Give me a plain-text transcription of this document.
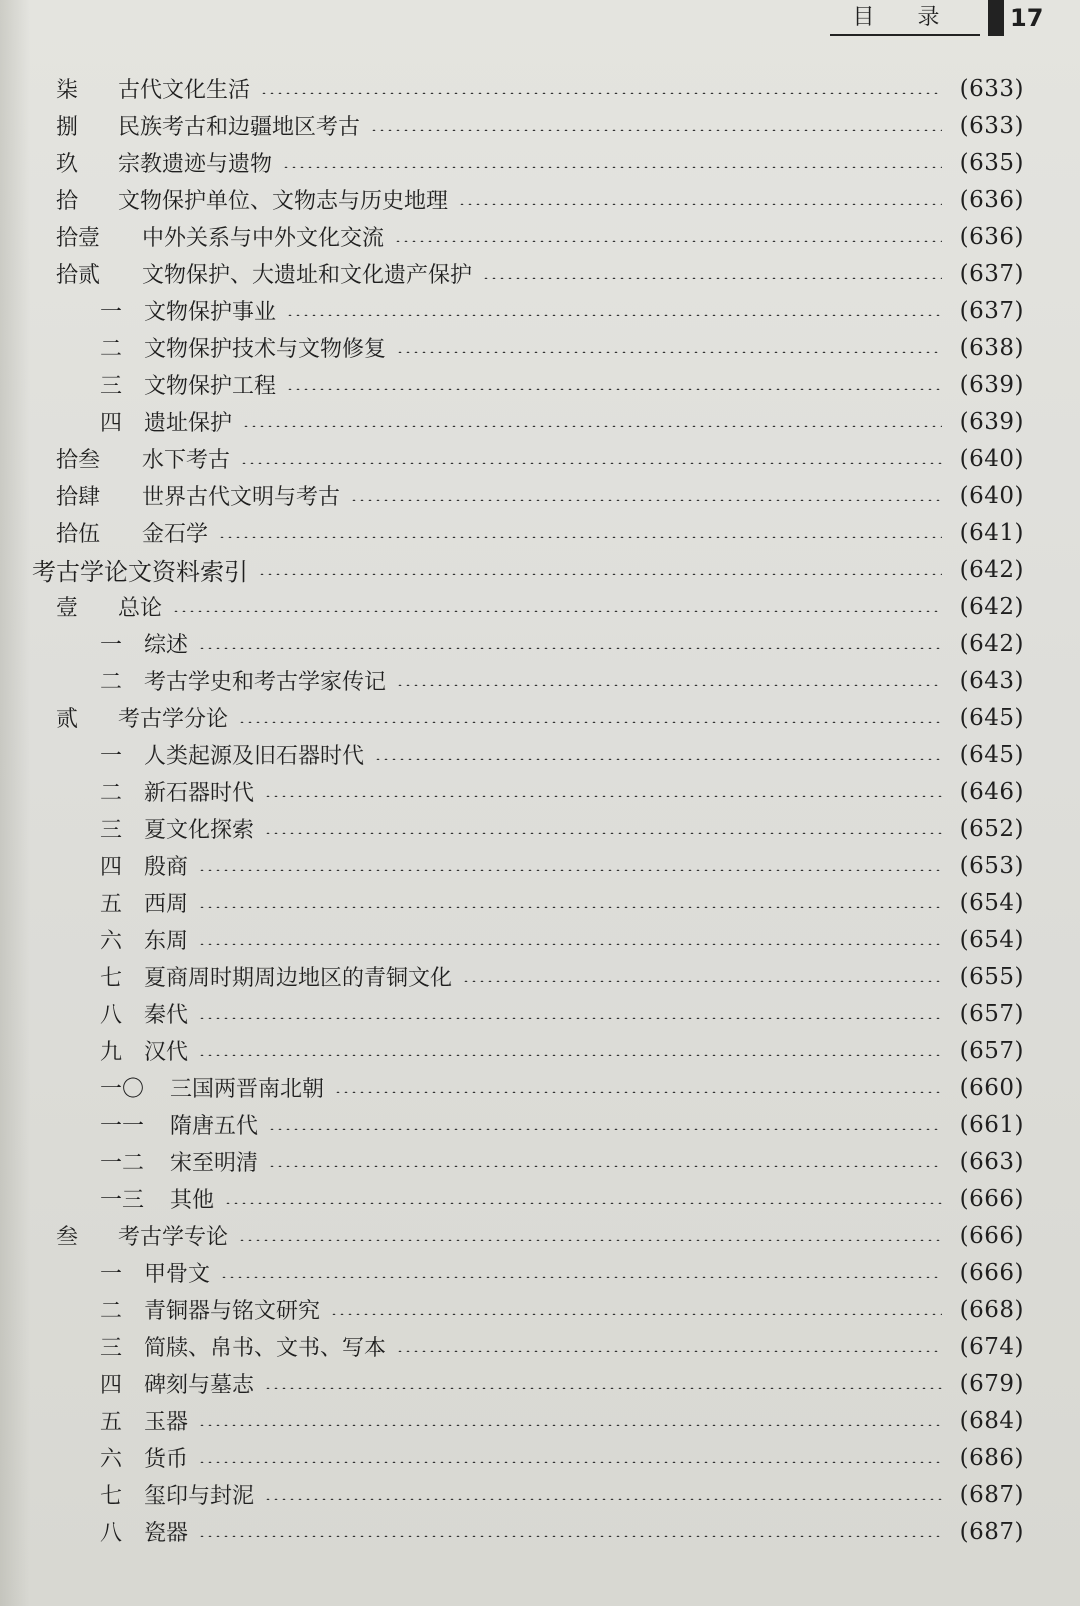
目 录	17
柒	古代文化生活	(633)
捌	民族考古和边疆地区考古	(633)
玖	宗教遗迹与遗物	(635)
拾	文物保护单位、文物志与历史地理	(636)
拾壹	中外关系与中外文化交流	(636)
拾贰	文物保护、大遗址和文化遗产保护	(637)
一 文物保护事业	(637)
二 文物保护技术与文物修复	(638)
三 文物保护工程	(639)
四 遗址保护	(639)
拾叁	水下考古	(640)
拾肆	世界古代文明与考古	(640)
拾伍	金石学	(641)
考古学论文资料索引	(642)
壹	总论	(642)
一 综述	(642)
二 考古学史和考古学家传记	(643)
贰	考古学分论	(645)
一 人类起源及旧石器时代	(645)
二 新石器时代	(646)
三 夏文化探索	(652)
四 殷商	(653)
五 西周	(654)
六 东周	(654)
七 夏商周时期周边地区的青铜文化	(655)
八 秦代	(657)
九 汉代	(657)
一〇	三国两晋南北朝	(660)
一一	隋唐五代	(661)
一二	宋至明清	(663)
一三	其他	(666)
叁	考古学专论	(666)
一 甲骨文	(666)
二 青铜器与铭文研究	(668)
三 简牍、帛书、文书、写本	(674)
四 碑刻与墓志	(679)
五 玉器	(684)
六 货币	(686)
七 玺印与封泥	(687)
八 瓷器	(687)
